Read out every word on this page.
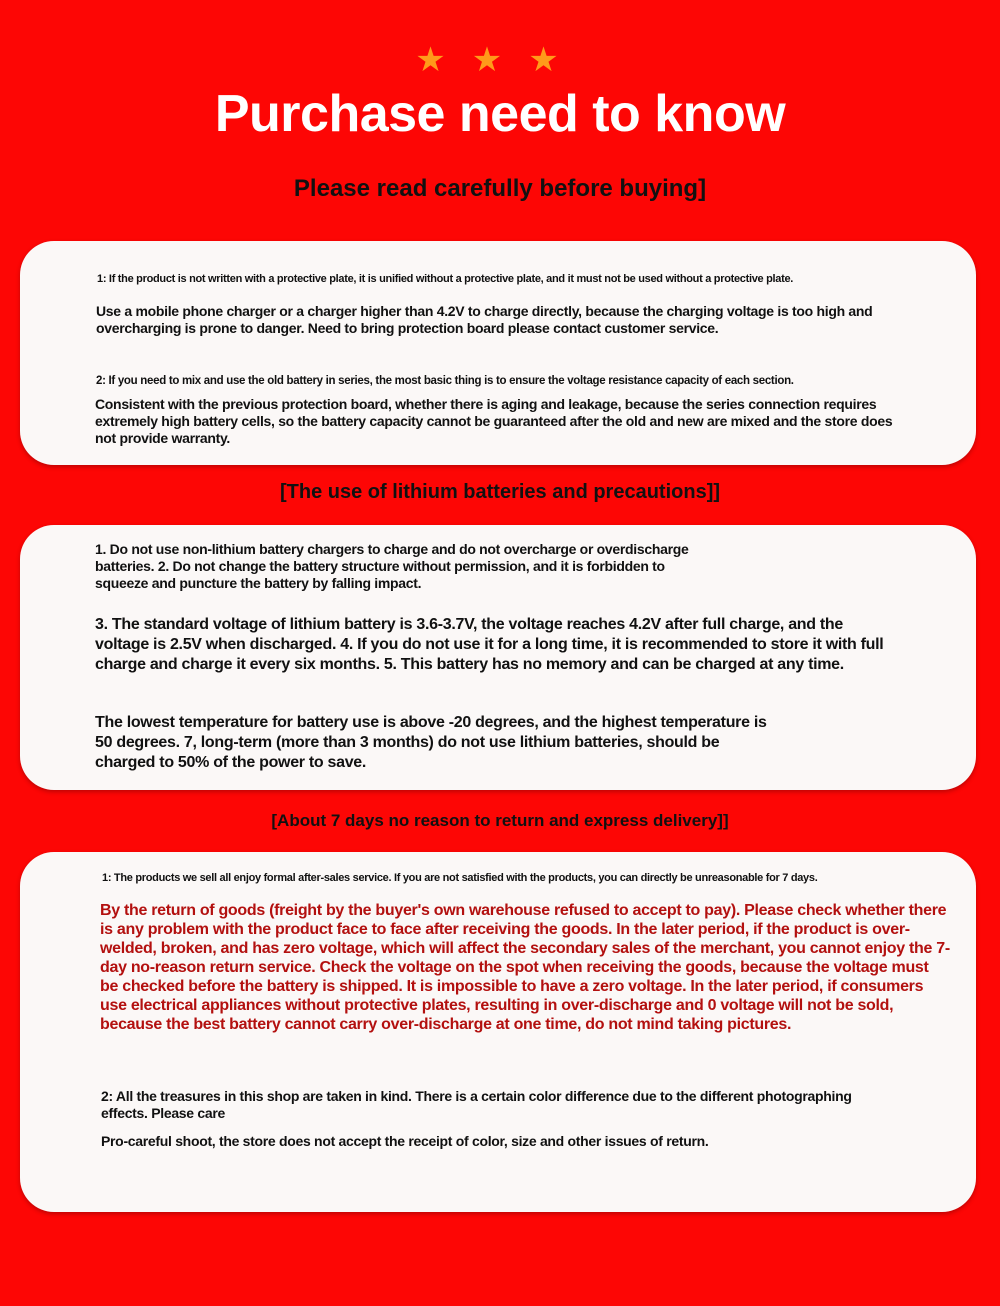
★★★
Purchase need to know
Please read carefully before buying]
1: If the product is not written with a protective plate, it is unified without a protective plate, and it must not be used without a protective plate.
Use a mobile phone charger or a charger higher than 4.2V to charge directly, because the charging voltage is too high and overcharging is prone to danger. Need to bring protection board please contact customer service.
2: If you need to mix and use the old battery in series, the most basic thing is to ensure the voltage resistance capacity of each section.
Consistent with the previous protection board, whether there is aging and leakage, because the series connection requires extremely high battery cells, so the battery capacity cannot be guaranteed after the old and new are mixed and the store does not provide warranty.
[The use of lithium batteries and precautions]]
1. Do not use non-lithium battery chargers to charge and do not overcharge or overdischarge batteries. 2. Do not change the battery structure without permission, and it is forbidden to squeeze and puncture the battery by falling impact.
3. The standard voltage of lithium battery is 3.6-3.7V, the voltage reaches 4.2V after full charge, and the voltage is 2.5V when discharged. 4. If you do not use it for a long time, it is recommended to store it with full charge and charge it every six months. 5. This battery has no memory and can be charged at any time.
The lowest temperature for battery use is above -20 degrees, and the highest temperature is 50 degrees. 7, long-term (more than 3 months) do not use lithium batteries, should be charged to 50% of the power to save.
[About 7 days no reason to return and express delivery]]
1: The products we sell all enjoy formal after-sales service. If you are not satisfied with the products, you can directly be unreasonable for 7 days.
By the return of goods (freight by the buyer's own warehouse refused to accept to pay). Please check whether there is any problem with the product face to face after receiving the goods. In the later period, if the product is over-welded, broken, and has zero voltage, which will affect the secondary sales of the merchant, you cannot enjoy the 7-day no-reason return service. Check the voltage on the spot when receiving the goods, because the voltage must be checked before the battery is shipped. It is impossible to have a zero voltage. In the later period, if consumers use electrical appliances without protective plates, resulting in over-discharge and 0 voltage will not be sold, because the best battery cannot carry over-discharge at one time, do not mind taking pictures.
2: All the treasures in this shop are taken in kind. There is a certain color difference due to the different photographing effects. Please care
Pro-careful shoot, the store does not accept the receipt of color, size and other issues of return.
